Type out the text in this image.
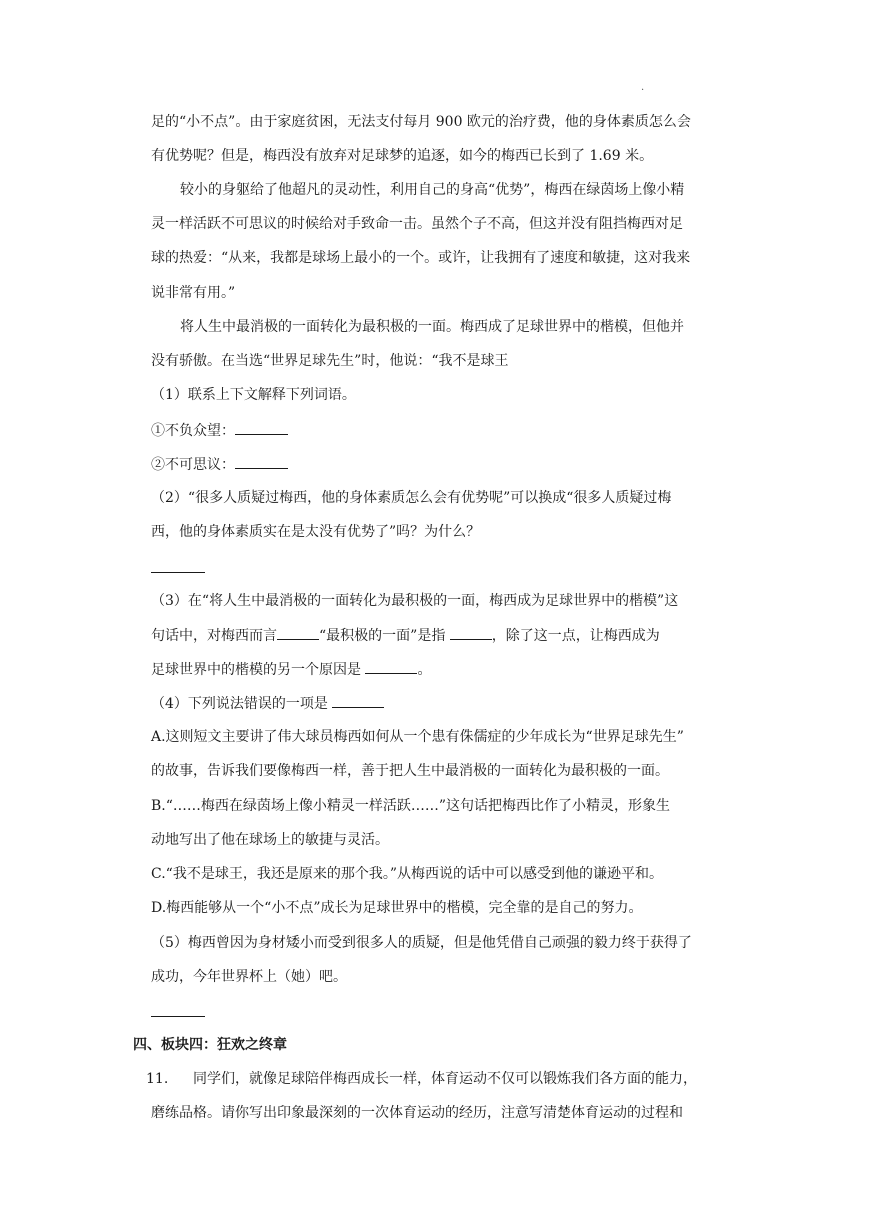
.
足的“小不点”。由于家庭贫困，无法支付每月 900 欧元的治疗费，他的身体素质怎么会
有优势呢？但是，梅西没有放弃对足球梦的追逐，如今的梅西已长到了 1.69 米。
较小的身躯给了他超凡的灵动性，利用自己的身高“优势”，梅西在绿茵场上像小精
灵一样活跃不可思议的时候给对手致命一击。虽然个子不高，但这并没有阻挡梅西对足
球的热爱：“从来，我都是球场上最小的一个。或许，让我拥有了速度和敏捷，这对我来
说非常有用。”
将人生中最消极的一面转化为最积极的一面。梅西成了足球世界中的楷模，但他并
没有骄傲。在当选“世界足球先生”时，他说：“我不是球王
（1）联系上下文解释下列词语。
①不负众望：
②不可思议：
（2）“很多人质疑过梅西，他的身体素质怎么会有优势呢”可以换成“很多人质疑过梅
西，他的身体素质实在是太没有优势了”吗？为什么？
（3）在“将人生中最消极的一面转化为最积极的一面，梅西成为足球世界中的楷模”这
句话中，对梅西而言	“最积极的一面”是指	，除了这一点，让梅西成为
足球世界中的楷模的另一个原因是	。
（4）下列说法错误的一项是
A.这则短文主要讲了伟大球员梅西如何从一个患有侏儒症的少年成长为“世界足球先生”
的故事，告诉我们要像梅西一样，善于把人生中最消极的一面转化为最积极的一面。
B.“……梅西在绿茵场上像小精灵一样活跃……”这句话把梅西比作了小精灵，形象生
动地写出了他在球场上的敏捷与灵活。
C.“我不是球王，我还是原来的那个我。”从梅西说的话中可以感受到他的谦逊平和。
D.梅西能够从一个“小不点”成长为足球世界中的楷模，完全靠的是自己的努力。
（5）梅西曾因为身材矮小而受到很多人的质疑，但是他凭借自己顽强的毅力终于获得了
成功，今年世界杯上（她）吧。
四、板块四：狂欢之终章
11.	同学们，就像足球陪伴梅西成长一样，体育运动不仅可以锻炼我们各方面的能力，
磨练品格。请你写出印象最深刻的一次体育运动的经历，注意写清楚体育运动的过程和
